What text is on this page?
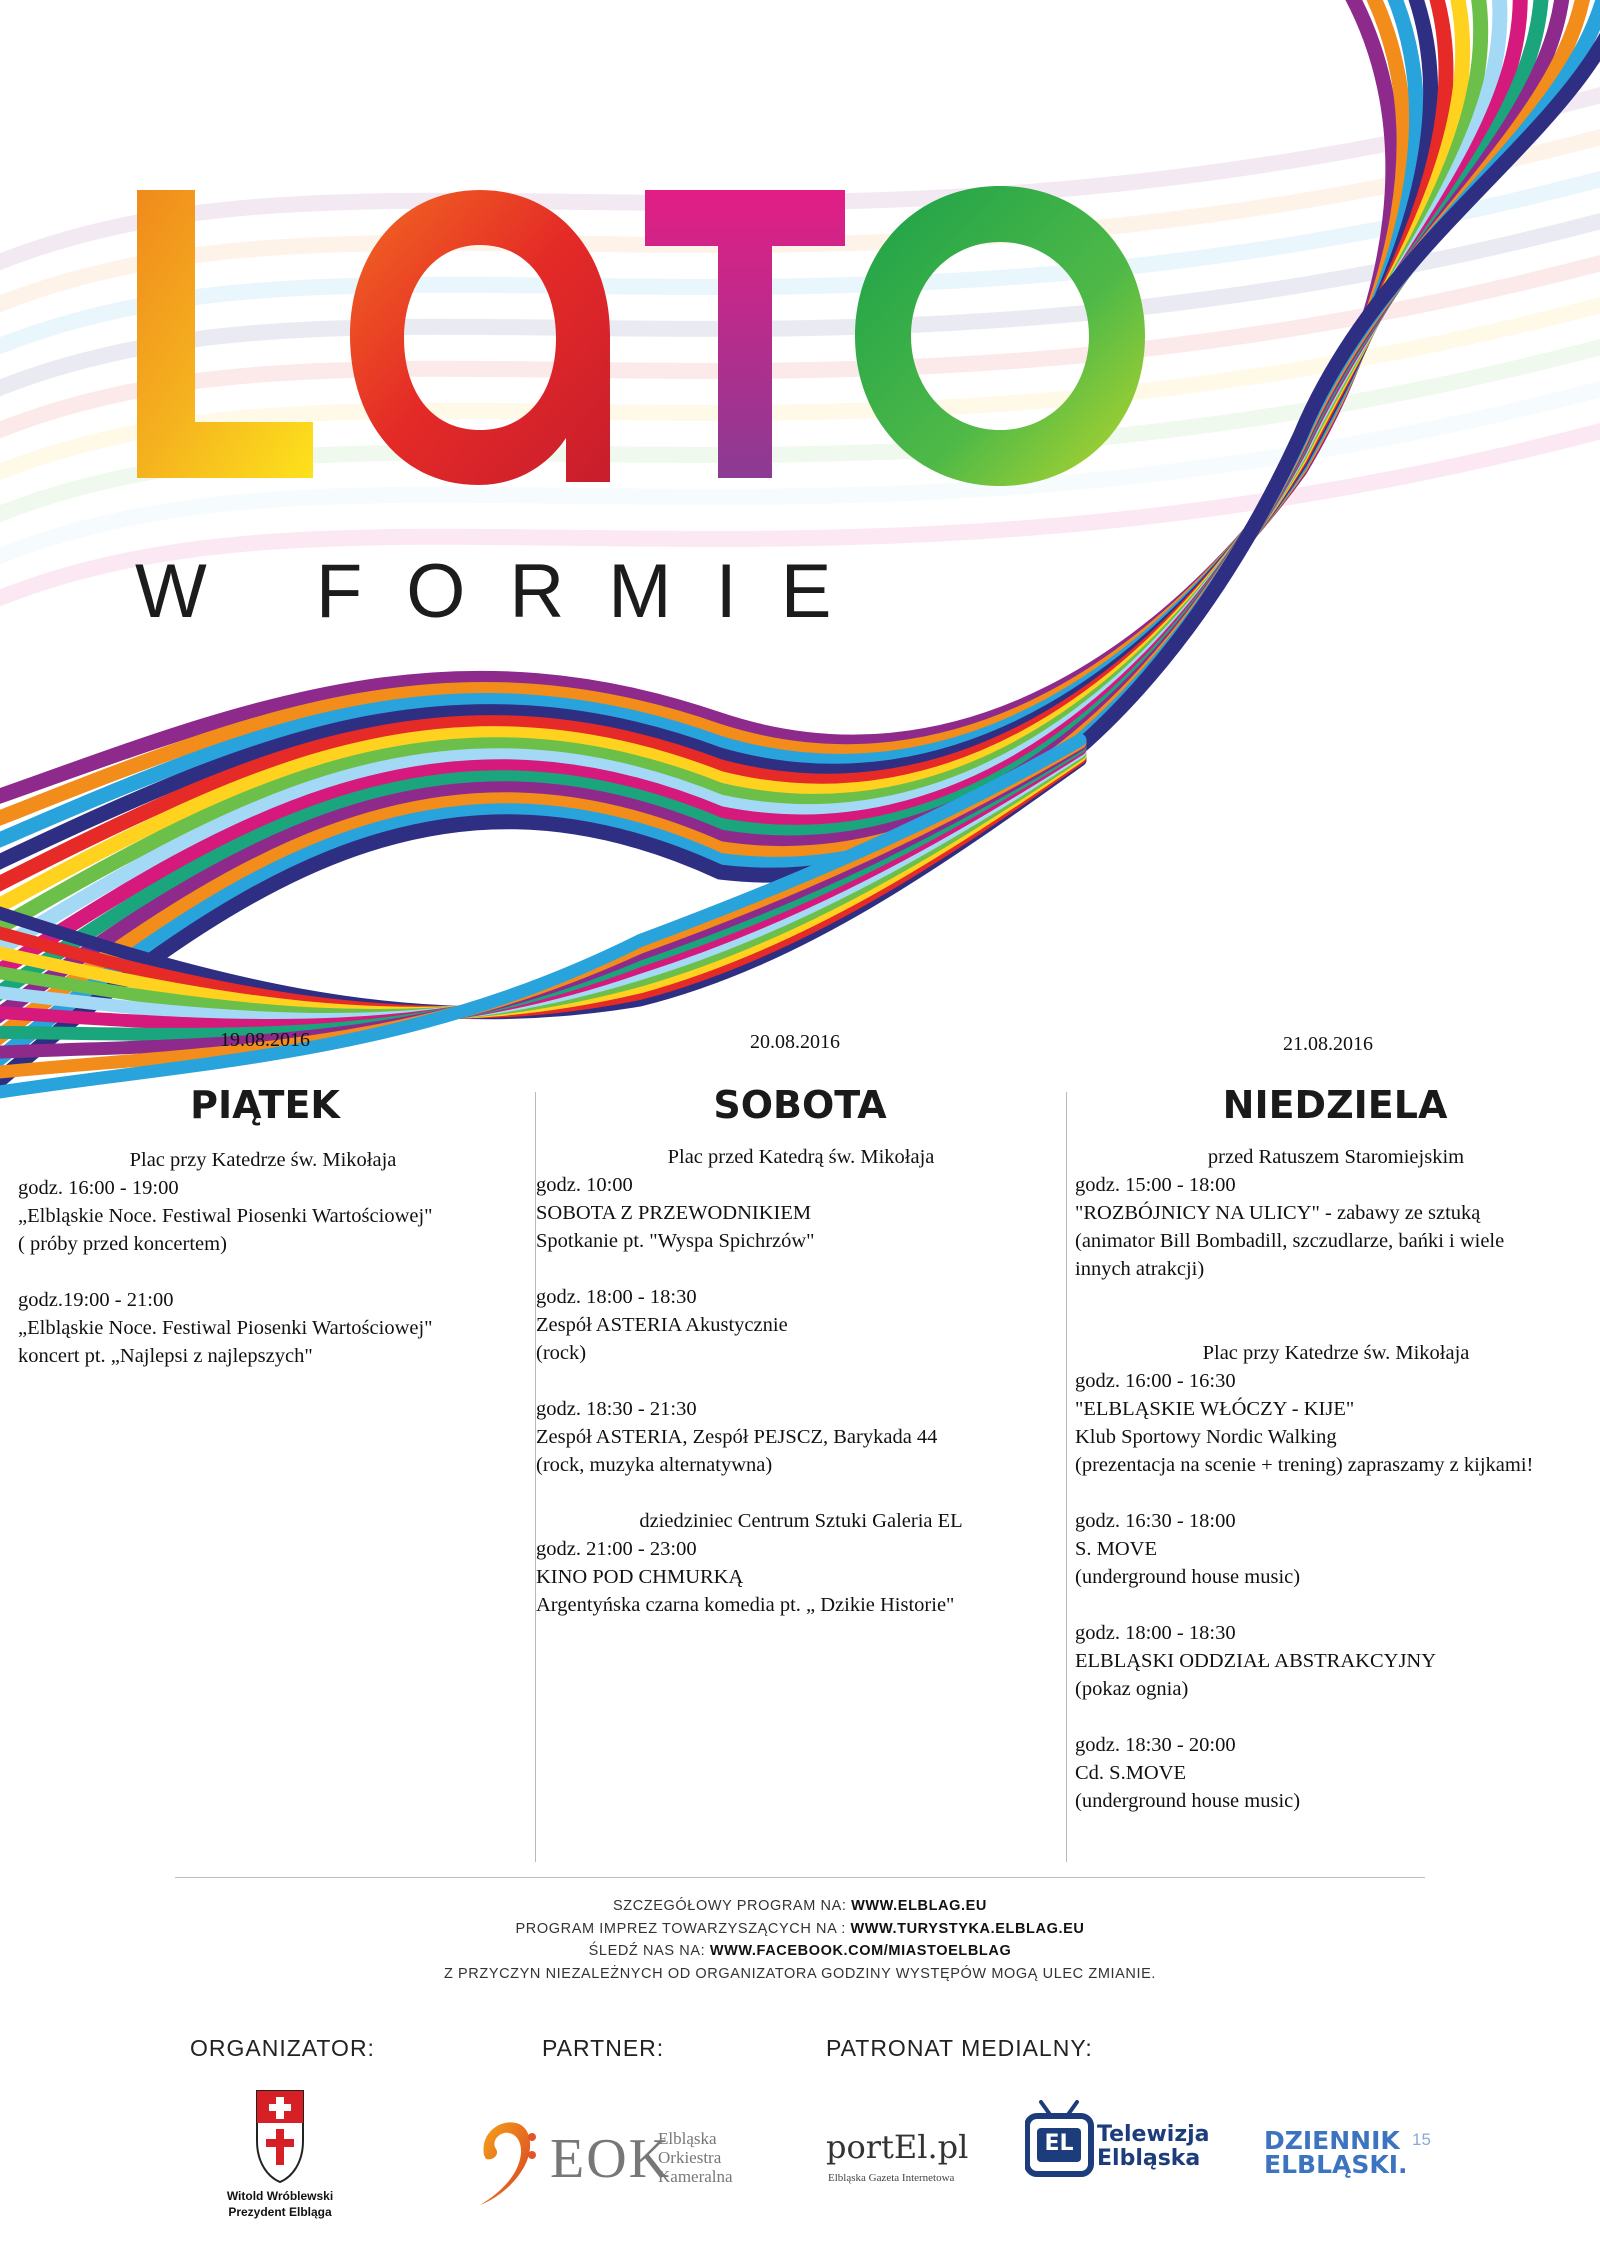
W FORMIE
19.08.2016	20.08.2016	21.08.2016
PIĄTEK	SOBOTA	NIEDZIELA

Plac przy Katedrze św. Mikołaja

godz. 16:00 - 19:00

„Elbląskie Noce. Festiwal Piosenki Wartościowej"

( próby przed koncertem)

godz.19:00 - 21:00

„Elbląskie Noce. Festiwal Piosenki Wartościowej"

koncert pt. „Najlepsi z najlepszych"

Plac przed Katedrą św. Mikołaja

godz. 10:00

SOBOTA Z PRZEWODNIKIEM

Spotkanie pt. "Wyspa Spichrzów"

godz. 18:00 - 18:30

Zespół ASTERIA Akustycznie

(rock)

godz. 18:30 - 21:30

Zespół ASTERIA, Zespół PEJSCZ, Barykada 44

(rock, muzyka alternatywna)

dziedziniec Centrum Sztuki Galeria EL

godz. 21:00 - 23:00

KINO POD CHMURKĄ

Argentyńska czarna komedia pt. „ Dzikie Historie"

przed Ratuszem Staromiejskim

godz. 15:00 - 18:00

"ROZBÓJNICY NA ULICY" - zabawy ze sztuką

(animator Bill Bombadill, szczudlarze, bańki i wiele

innych atrakcji)

Plac przy Katedrze św. Mikołaja

godz. 16:00 - 16:30

"ELBLĄSKIE WŁÓCZY - KIJE"

Klub Sportowy Nordic Walking

(prezentacja na scenie + trening) zapraszamy z kijkami!

godz. 16:30 - 18:00

S. MOVE

(underground house music)

godz. 18:00 - 18:30

ELBLĄSKI ODDZIAŁ ABSTRAKCYJNY

(pokaz ognia)

godz. 18:30 - 20:00

Cd. S.MOVE

(underground house music)

SZCZEGÓŁOWY PROGRAM NA: WWW.ELBLAG.EU
PROGRAM IMPREZ TOWARZYSZĄCYCH NA : WWW.TURYSTYKA.ELBLAG.EU
ŚLEDŹ NAS NA: WWW.FACEBOOK.COM/MIASTOELBLAG
Z PRZYCZYN NIEZALEŻNYCH OD ORGANIZATORA GODZINY WYSTĘPÓW MOGĄ ULEC ZMIANIE.
ORGANIZATOR:	PARTNER:	PATRONAT MEDIALNY:
Witold Wróblewski
Prezydent Elbląga
EOK
Elbląska
Orkiestra
Kameralna
portEl.pl
Elbląska Gazeta Internetowa
EL Telewizja
Elbląska
DZIENNIK
ELBLĄSKI.
15
